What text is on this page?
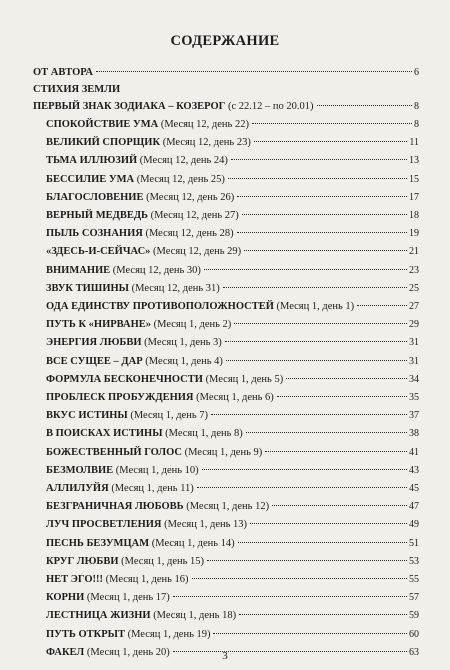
СОДЕРЖАНИЕ
ОТ АВТОРА	6
СТИХИЯ ЗЕМЛИ
ПЕРВЫЙ ЗНАК ЗОДИАКА – КОЗЕРОГ (с 22.12 – по 20.01)	8
СПОКОЙСТВИЕ УМА (Месяц 12, день 22)	8
ВЕЛИКИЙ СПОРЩИК (Месяц 12, день 23)	11
ТЬМА ИЛЛЮЗИЙ (Месяц 12, день 24)	13
БЕССИЛИЕ УМА (Месяц 12, день 25)	15
БЛАГОСЛОВЕНИЕ (Месяц 12, день 26)	17
ВЕРНЫЙ МЕДВЕДЬ (Месяц 12, день 27)	18
ПЫЛЬ СОЗНАНИЯ (Месяц 12, день 28)	19
«ЗДЕСЬ-И-СЕЙЧАС» (Месяц 12, день 29)	21
ВНИМАНИЕ (Месяц 12, день 30)	23
ЗВУК ТИШИНЫ (Месяц 12, день 31)	25
ОДА ЕДИНСТВУ ПРОТИВОПОЛОЖНОСТЕЙ (Месяц 1, день 1)	27
ПУТЬ К «НИРВАНЕ» (Месяц 1, день 2)	29
ЭНЕРГИЯ ЛЮБВИ (Месяц 1, день 3)	31
ВСЕ СУЩЕЕ – ДАР (Месяц 1, день 4)	31
ФОРМУЛА БЕСКОНЕЧНОСТИ (Месяц 1, день 5)	34
ПРОБЛЕСК ПРОБУЖДЕНИЯ (Месяц 1, день 6)	35
ВКУС ИСТИНЫ (Месяц 1, день 7)	37
В ПОИСКАХ ИСТИНЫ (Месяц 1, день 8)	38
БОЖЕСТВЕННЫЙ ГОЛОС (Месяц 1, день 9)	41
БЕЗМОЛВИЕ (Месяц 1, день 10)	43
АЛЛИЛУЙЯ (Месяц 1, день 11)	45
БЕЗГРАНИЧНАЯ ЛЮБОВЬ (Месяц 1, день 12)	47
ЛУЧ ПРОСВЕТЛЕНИЯ (Месяц 1, день 13)	49
ПЕСНЬ БЕЗУМЦАМ (Месяц 1, день 14)	51
КРУГ ЛЮБВИ (Месяц 1, день 15)	53
НЕТ ЭГО!!! (Месяц 1, день 16)	55
КОРНИ (Месяц 1, день 17)	57
ЛЕСТНИЦА ЖИЗНИ (Месяц 1, день 18)	59
ПУТЬ ОТКРЫТ (Месяц 1, день 19)	60
ФАКЕЛ (Месяц 1, день 20)	63
3
